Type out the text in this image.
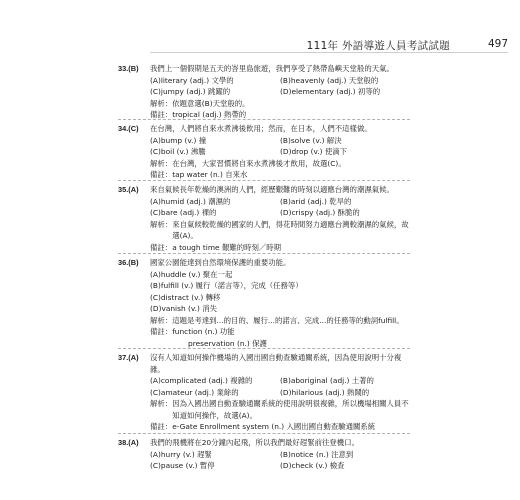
111年 外語導遊人員考試試題	497
33.(B) 我們上一個假期是五天的峇里島旅遊，我們享受了熱帶島嶼天堂般的天氣。
(A)literary (adj.) 文學的	(B)heavenly (adj.) 天堂般的
(C)jumpy (adj.) 跳躍的	(D)elementary (adj.) 初等的
解析： 依題意選(B)天堂般的。
備註： tropical (adj.) 熱帶的
34.(C) 在台灣，人們將自來水煮沸後飲用；然而，在日本，人們不這樣做。
(A)bump (v.) 撞	(B)solve (v.) 解決
(C)boil (v.) 沸騰	(D)drop (v.) 使滴下
解析： 在台灣，大家習慣將自來水煮沸後才飲用，故選(C)。
備註： tap water (n.) 自來水
35.(A) 來自氣候長年乾燥的澳洲的人們，經歷艱難的時刻以適應台灣的潮濕氣候。
(A)humid (adj.) 潮濕的	(B)arid (adj.) 乾旱的
(C)bare (adj.) 裸的	(D)crispy (adj.) 酥脆的
解析： 來自氣候較乾燥的國家的人們，得花時間努力適應台灣較潮濕的氣候，故選(A)。
備註： a tough time 艱難的時刻／時期
36.(B) 國家公園能達到自然環境保護的重要功能。
(A)huddle (v.) 聚在一起
(B)fulfill (v.) 履行（諾言等），完成（任務等）
(C)distract (v.) 轉移
(D)vanish (v.) 消失
解析： 這題是考達到...的目的、履行...的諾言、完成...的任務等的動詞fulfill。
備註： function (n.) 功能
preservation (n.) 保護
37.(A) 沒有人知道如何操作機場的入國出國自動查驗通關系統，因為使用說明十分複雜。
(A)complicated (adj.) 複雜的	(B)aboriginal (adj.) 土著的
(C)amateur (adj.) 業餘的	(D)hilarious (adj.) 熱鬧的
解析： 因為入國出國自動查驗通關系統的使用說明很複雜，所以機場相關人員不知道如何操作，故選(A)。
備註： e-Gate Enrollment system (n.) 入國出國自動查驗通關系統
38.(A) 我們的飛機將在20分鐘內起飛，所以我們最好趕緊前往登機口。
(A)hurry (v.) 趕緊	(B)notice (n.) 注意到
(C)pause (v.) 暫停	(D)check (v.) 檢查
